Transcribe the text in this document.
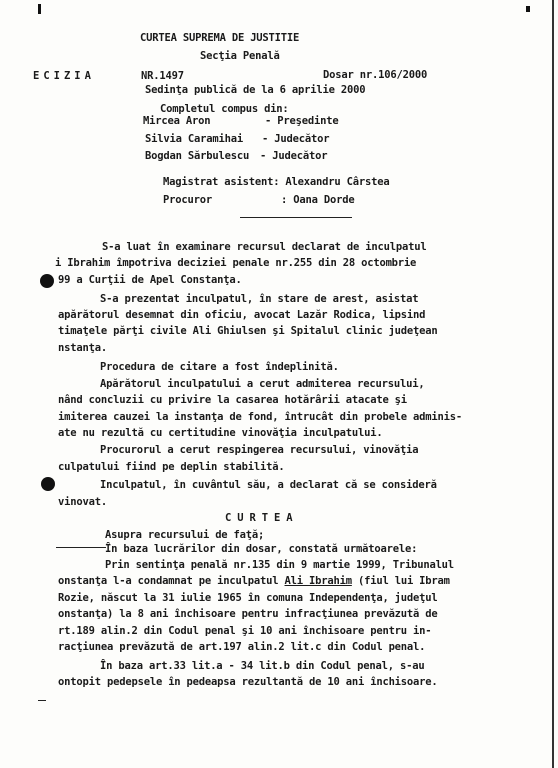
CURTEA SUPREMA DE JUSTITIE
Secţia Penală
ECIZIA	NR.1497	Dosar nr.106/2000
Sedinţa publică de la 6 aprilie 2000
Completul compus din:
Mircea Aron	- Preşedinte
Silvia Caramihai - Judecător
Bogdan Sărbulescu - Judecător
Magistrat asistent: Alexandru Cârstea
Procuror	: Oana Dorde
S-a luat în examinare recursul declarat de inculpatul
i Ibrahim împotriva deciziei penale nr.255 din 28 octombrie
99 a Curţii de Apel Constanţa.
S-a prezentat inculpatul, în stare de arest, asistat
apărătorul desemnat din oficiu, avocat Lazăr Rodica, lipsind
timaţele părţi civile Ali Ghiulsen şi Spitalul clinic judeţean
nstanţa.
Procedura de citare a fost îndeplinită.
Apărătorul inculpatului a cerut admiterea recursului,
nând concluzii cu privire la casarea hotărârii atacate şi
imiterea cauzei la instanţa de fond, întrucât din probele adminis-
ate nu rezultă cu certitudine vinovăţia inculpatului.
Procurorul a cerut respingerea recursului, vinovăţia
culpatului fiind pe deplin stabilită.
Inculpatul, în cuvântul său, a declarat că se consideră
vinovat.
C U R T E A
Asupra recursului de faţă;
În baza lucrărilor din dosar, constată următoarele:
Prin sentinţa penală nr.135 din 9 martie 1999, Tribunalul
onstanţa l-a condamnat pe inculpatul Ali Ibrahim (fiul lui Ibram
Rozie, născut la 31 iulie 1965 în comuna Independenţa, judeţul
onstanţa) la 8 ani închisoare pentru infracţiunea prevăzută de
rt.189 alin.2 din Codul penal şi 10 ani închisoare pentru in-
racţiunea prevăzută de art.197 alin.2 lit.c din Codul penal.
În baza art.33 lit.a - 34 lit.b din Codul penal, s-au
ontopit pedepsele în pedeapsa rezultantă de 10 ani închisoare.
